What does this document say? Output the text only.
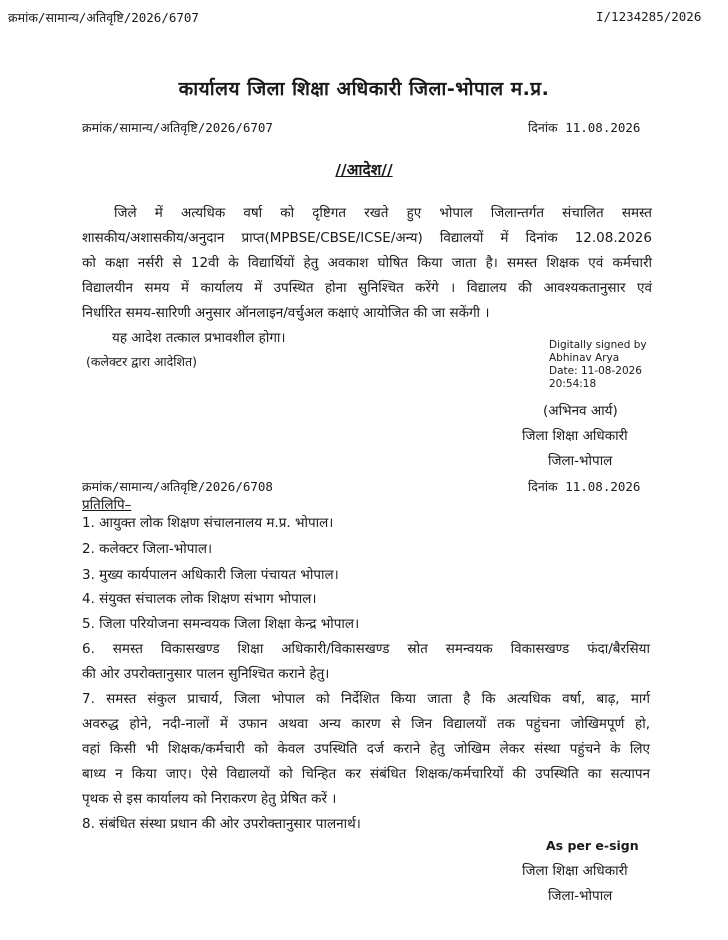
क्रमांक/सामान्य/अतिवृष्टि/2026/6707	I/1234285/2026
कार्यालय जिला शिक्षा अधिकारी जिला-भोपाल म.प्र.
क्रमांक/सामान्य/अतिवृष्टि/2026/6707	दिनांक 11.08.2026
//आदेश//
जिले में अत्यधिक वर्षा को दृष्टिगत रखते हुए भोपाल जिलान्तर्गत संचालित समस्त
शासकीय/अशासकीय/अनुदान प्राप्त(MPBSE/CBSE/ICSE/अन्य) विद्यालयों में दिनांक 12.08.2026
को कक्षा नर्सरी से 12वी के विद्यार्थियों हेतु अवकाश घोषित किया जाता है। समस्त शिक्षक एवं कर्मचारी
विद्यालयीन समय में कार्यालय में उपस्थित होना सुनिश्चित करेंगे । विद्यालय की आवश्यकतानुसार एवं
निर्धारित समय-सारिणी अनुसार ऑनलाइन/वर्चुअल कक्षाएं आयोजित की जा सकेंगी ।
यह आदेश तत्काल प्रभावशील होगा।
(कलेक्टर द्वारा आदेशित)
Digitally signed by
Abhinav Arya
Date: 11-08-2026
20:54:18
(अभिनव आर्य)
जिला शिक्षा अधिकारी
जिला-भोपाल
क्रमांक/सामान्य/अतिवृष्टि/2026/6708	दिनांक 11.08.2026
प्रतिलिपि–
1. आयुक्त लोक शिक्षण संचालनालय म.प्र. भोपाल।
2. कलेक्टर जिला-भोपाल।
3. मुख्य कार्यपालन अधिकारी जिला पंचायत भोपाल।
4. संयुक्त संचालक लोक शिक्षण संभाग भोपाल।
5. जिला परियोजना समन्वयक जिला शिक्षा केन्द्र भोपाल।
6. समस्त विकासखण्ड शिक्षा अधिकारी/विकासखण्ड स्रोत समन्वयक विकासखण्ड फंदा/बैरसिया
की ओर उपरोक्तानुसार पालन सुनिश्चित कराने हेतु।
7. समस्त संकुल प्राचार्य, जिला भोपाल को निर्देशित किया जाता है कि अत्यधिक वर्षा, बाढ़, मार्ग
अवरुद्ध होने, नदी-नालों में उफान अथवा अन्य कारण से जिन विद्यालयों तक पहुंचना जोखिमपूर्ण हो,
वहां किसी भी शिक्षक/कर्मचारी को केवल उपस्थिति दर्ज कराने हेतु जोखिम लेकर संस्था पहुंचने के लिए
बाध्य न किया जाए। ऐसे विद्यालयों को चिन्हित कर संबंधित शिक्षक/कर्मचारियों की उपस्थिति का सत्यापन
पृथक से इस कार्यालय को निराकरण हेतु प्रेषित करें ।
8. संबंधित संस्था प्रधान की ओर उपरोक्तानुसार पालनार्थ।
As per e-sign
जिला शिक्षा अधिकारी
जिला-भोपाल
